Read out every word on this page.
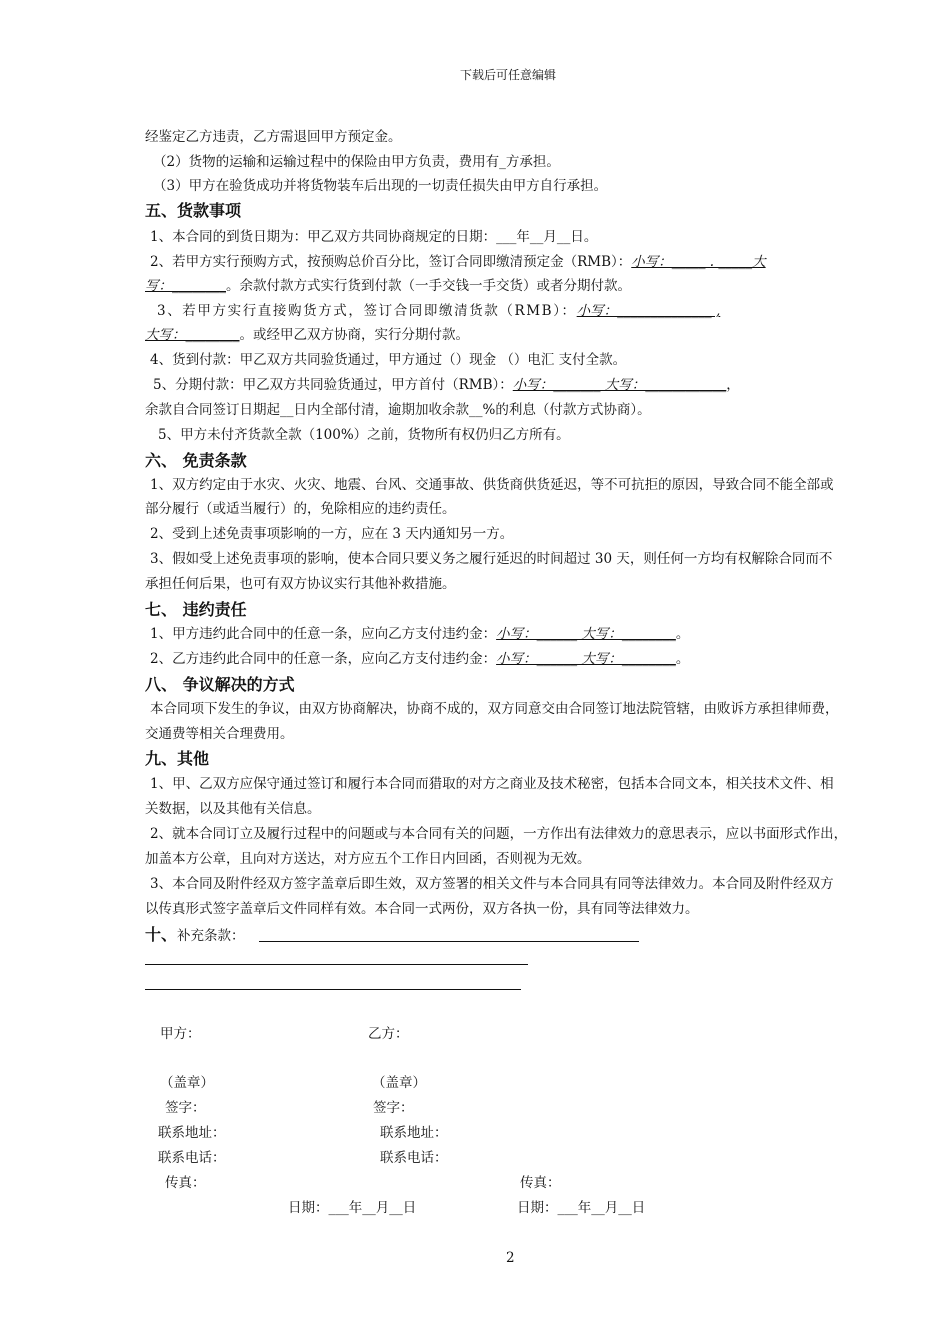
下载后可任意编辑
经鉴定乙方违责，乙方需退回甲方预定金。
（2）货物的运输和运输过程中的保险由甲方负责，费用有_方承担。
（3）甲方在验货成功并将货物装车后出现的一切责任损失由甲方自行承担。
五、货款事项
1、本合同的到货日期为：甲乙双方共同协商规定的日期：___年__月__日。
2、若甲方实行预购方式，按预购总价百分比，签订合同即缴清预定金（RMB）：小写：_____ . _____大
写：________。余款付款方式实行货到付款（一手交钱一手交货）或者分期付款。
3、若甲方实行直接购货方式，签订合同即缴清货款（RMB）：小写：______________ ,
大写：________。或经甲乙双方协商，实行分期付款。
4、货到付款：甲乙双方共同验货通过，甲方通过（）现金 （）电汇 支付全款。
5、分期付款：甲乙双方共同验货通过，甲方首付（RMB）：小写：_______ 大写：____________，
余款自合同签订日期起__日内全部付清，逾期加收余款__%的利息（付款方式协商）。
5、甲方未付齐货款全款（100%）之前，货物所有权仍归乙方所有。
六、 免责条款
1、双方约定由于水灾、火灾、地震、台风、交通事故、供货商供货延迟，等不可抗拒的原因，导致合同不能全部或
部分履行（或适当履行）的，免除相应的违约责任。
2、受到上述免责事项影响的一方，应在 3 天内通知另一方。
3、假如受上述免责事项的影响，使本合同只要义务之履行延迟的时间超过 30 天，则任何一方均有权解除合同而不
承担任何后果，也可有双方协议实行其他补救措施。
七、 违约责任
1、甲方违约此合同中的任意一条，应向乙方支付违约金：小写：______ 大写：________。
2、乙方违约此合同中的任意一条，应向乙方支付违约金：小写：______ 大写：________。
八、 争议解决的方式
本合同项下发生的争议，由双方协商解决，协商不成的，双方同意交由合同签订地法院管辖，由败诉方承担律师费，
交通费等相关合理费用。
九、其他
1、甲、乙双方应保守通过签订和履行本合同而猎取的对方之商业及技术秘密，包括本合同文本，相关技术文件、相
关数据，以及其他有关信息。
2、就本合同订立及履行过程中的问题或与本合同有关的问题，一方作出有法律效力的意思表示，应以书面形式作出，
加盖本方公章，且向对方送达，对方应五个工作日内回函，否则视为无效。
3、本合同及附件经双方签字盖章后即生效，双方签署的相关文件与本合同具有同等法律效力。本合同及附件经双方
以传真形式签字盖章后文件同样有效。本合同一式两份，双方各执一份，具有同等法律效力。
十、补充条款：
甲方：	乙方：
（盖章）	（盖章）
签字：	签字：
联系地址：	联系地址：
联系电话：	联系电话：
传真：	传真：
日期：___年__月__日	日期：___年__月__日
2
